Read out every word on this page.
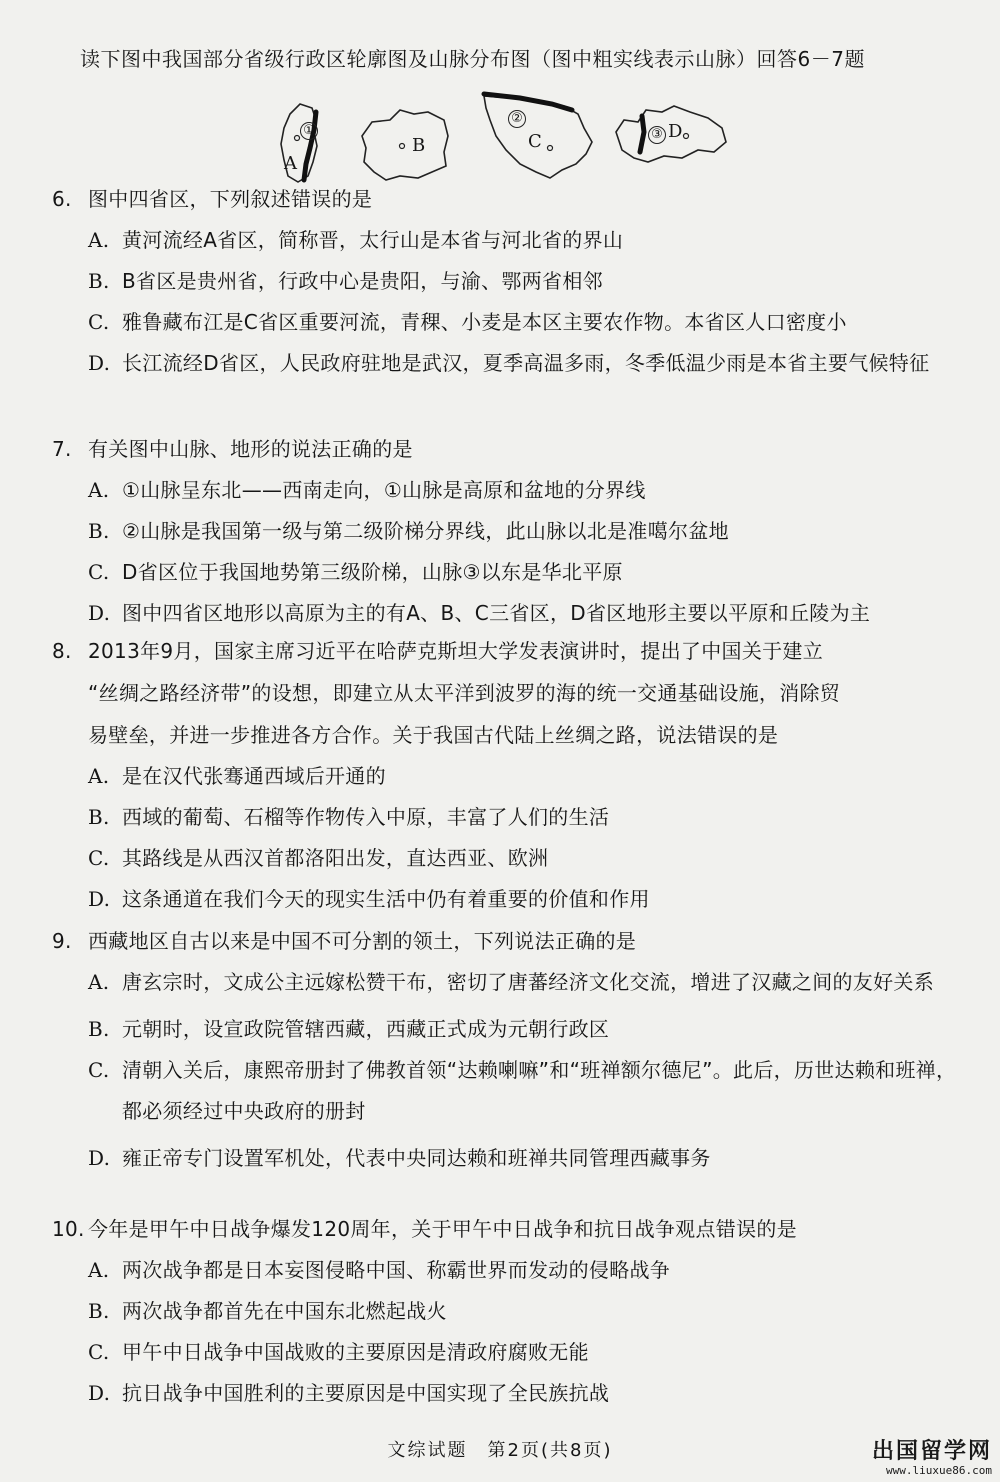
读下图中我国部分省级行政区轮廓图及山脉分布图（图中粗实线表示山脉）回答6－7题
①
A
B
②
C	③ D
6. 图中四省区，下列叙述错误的是
A. 黄河流经A省区，简称晋，太行山是本省与河北省的界山
B. B省区是贵州省，行政中心是贵阳，与渝、鄂两省相邻
C. 雅鲁藏布江是C省区重要河流，青稞、小麦是本区主要农作物。本省区人口密度小
D. 长江流经D省区，人民政府驻地是武汉，夏季高温多雨，冬季低温少雨是本省主要气候特征
7. 有关图中山脉、地形的说法正确的是
A. ①山脉呈东北——西南走向，①山脉是高原和盆地的分界线
B. ②山脉是我国第一级与第二级阶梯分界线，此山脉以北是准噶尔盆地
C. D省区位于我国地势第三级阶梯，山脉③以东是华北平原
D. 图中四省区地形以高原为主的有A、B、C三省区，D省区地形主要以平原和丘陵为主
8. 2013年9月，国家主席习近平在哈萨克斯坦大学发表演讲时，提出了中国关于建立
“丝绸之路经济带”的设想，即建立从太平洋到波罗的海的统一交通基础设施，消除贸
易壁垒，并进一步推进各方合作。关于我国古代陆上丝绸之路，说法错误的是
A. 是在汉代张骞通西域后开通的
B. 西域的葡萄、石榴等作物传入中原，丰富了人们的生活
C. 其路线是从西汉首都洛阳出发，直达西亚、欧洲
D. 这条通道在我们今天的现实生活中仍有着重要的价值和作用
9. 西藏地区自古以来是中国不可分割的领土，下列说法正确的是
A. 唐玄宗时，文成公主远嫁松赞干布，密切了唐蕃经济文化交流，增进了汉藏之间的友好关系
B. 元朝时，设宣政院管辖西藏，西藏正式成为元朝行政区
C. 清朝入关后，康熙帝册封了佛教首领“达赖喇嘛”和“班禅额尔德尼”。此后，历世达赖和班禅，都必须经过中央政府的册封
D. 雍正帝专门设置军机处，代表中央同达赖和班禅共同管理西藏事务
10. 今年是甲午中日战争爆发120周年，关于甲午中日战争和抗日战争观点错误的是
A. 两次战争都是日本妄图侵略中国、称霸世界而发动的侵略战争
B. 两次战争都首先在中国东北燃起战火
C. 甲午中日战争中国战败的主要原因是清政府腐败无能
D. 抗日战争中国胜利的主要原因是中国实现了全民族抗战
文综试题　第2页(共8页)	出国留学网
www.liuxue86.com
